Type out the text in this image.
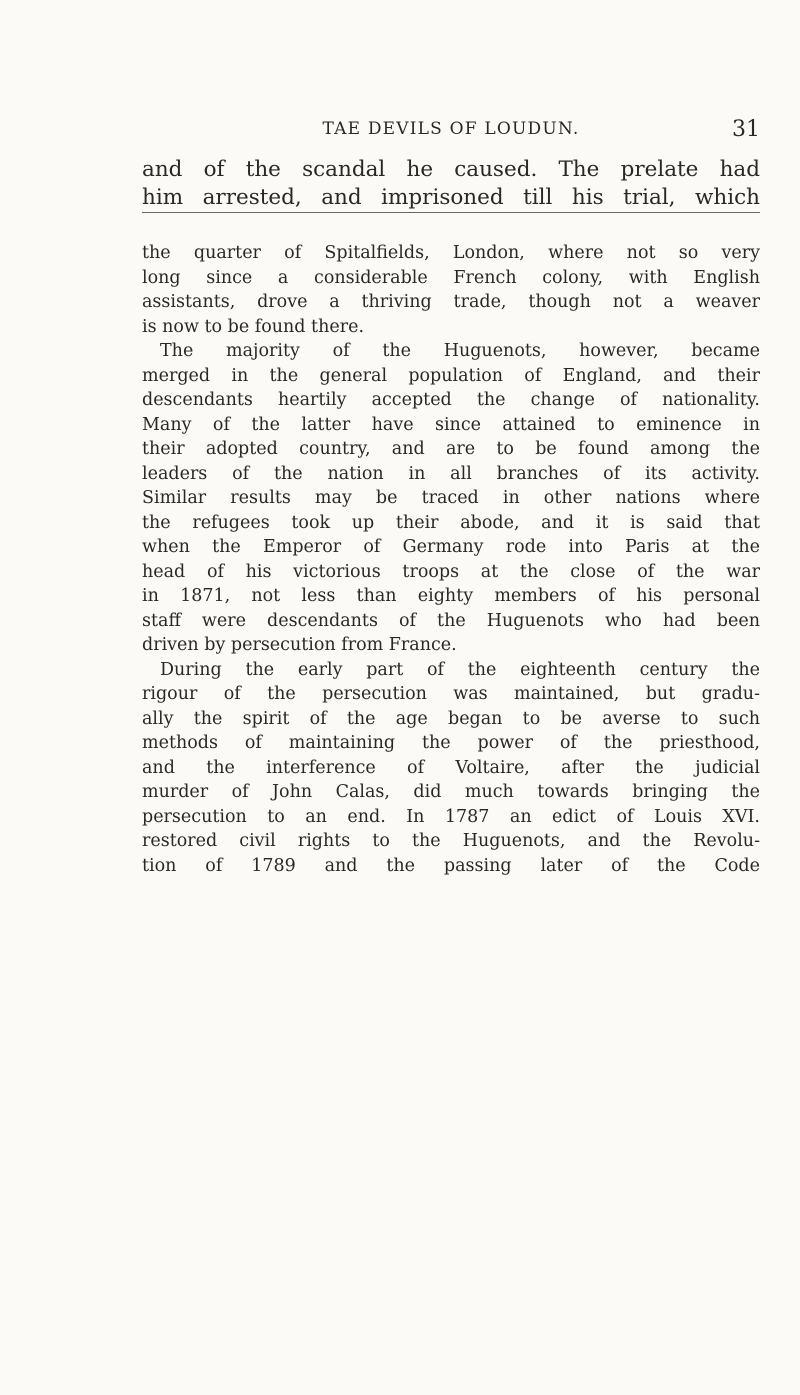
TAE DEVILS OF LOUDUN.	31
and of the scandal he caused. The prelate had
him arrested, and imprisoned till his trial, which
the quarter of Spitalfields, London, where not so very
long since a considerable French colony, with English
assistants, drove a thriving trade, though not a weaver
is now to be found there.
The majority of the Huguenots, however, became
merged in the general population of England, and their
descendants heartily accepted the change of nationality.
Many of the latter have since attained to eminence in
their adopted country, and are to be found among the
leaders of the nation in all branches of its activity.
Similar results may be traced in other nations where
the refugees took up their abode, and it is said that
when the Emperor of Germany rode into Paris at the
head of his victorious troops at the close of the war
in 1871, not less than eighty members of his personal
staff were descendants of the Huguenots who had been
driven by persecution from France.
During the early part of the eighteenth century the
rigour of the persecution was maintained, but gradu-
ally the spirit of the age began to be averse to such
methods of maintaining the power of the priesthood,
and the interference of Voltaire, after the judicial
murder of John Calas, did much towards bringing the
persecution to an end. In 1787 an edict of Louis XVI.
restored civil rights to the Huguenots, and the Revolu-
tion of 1789 and the passing later of the Code
